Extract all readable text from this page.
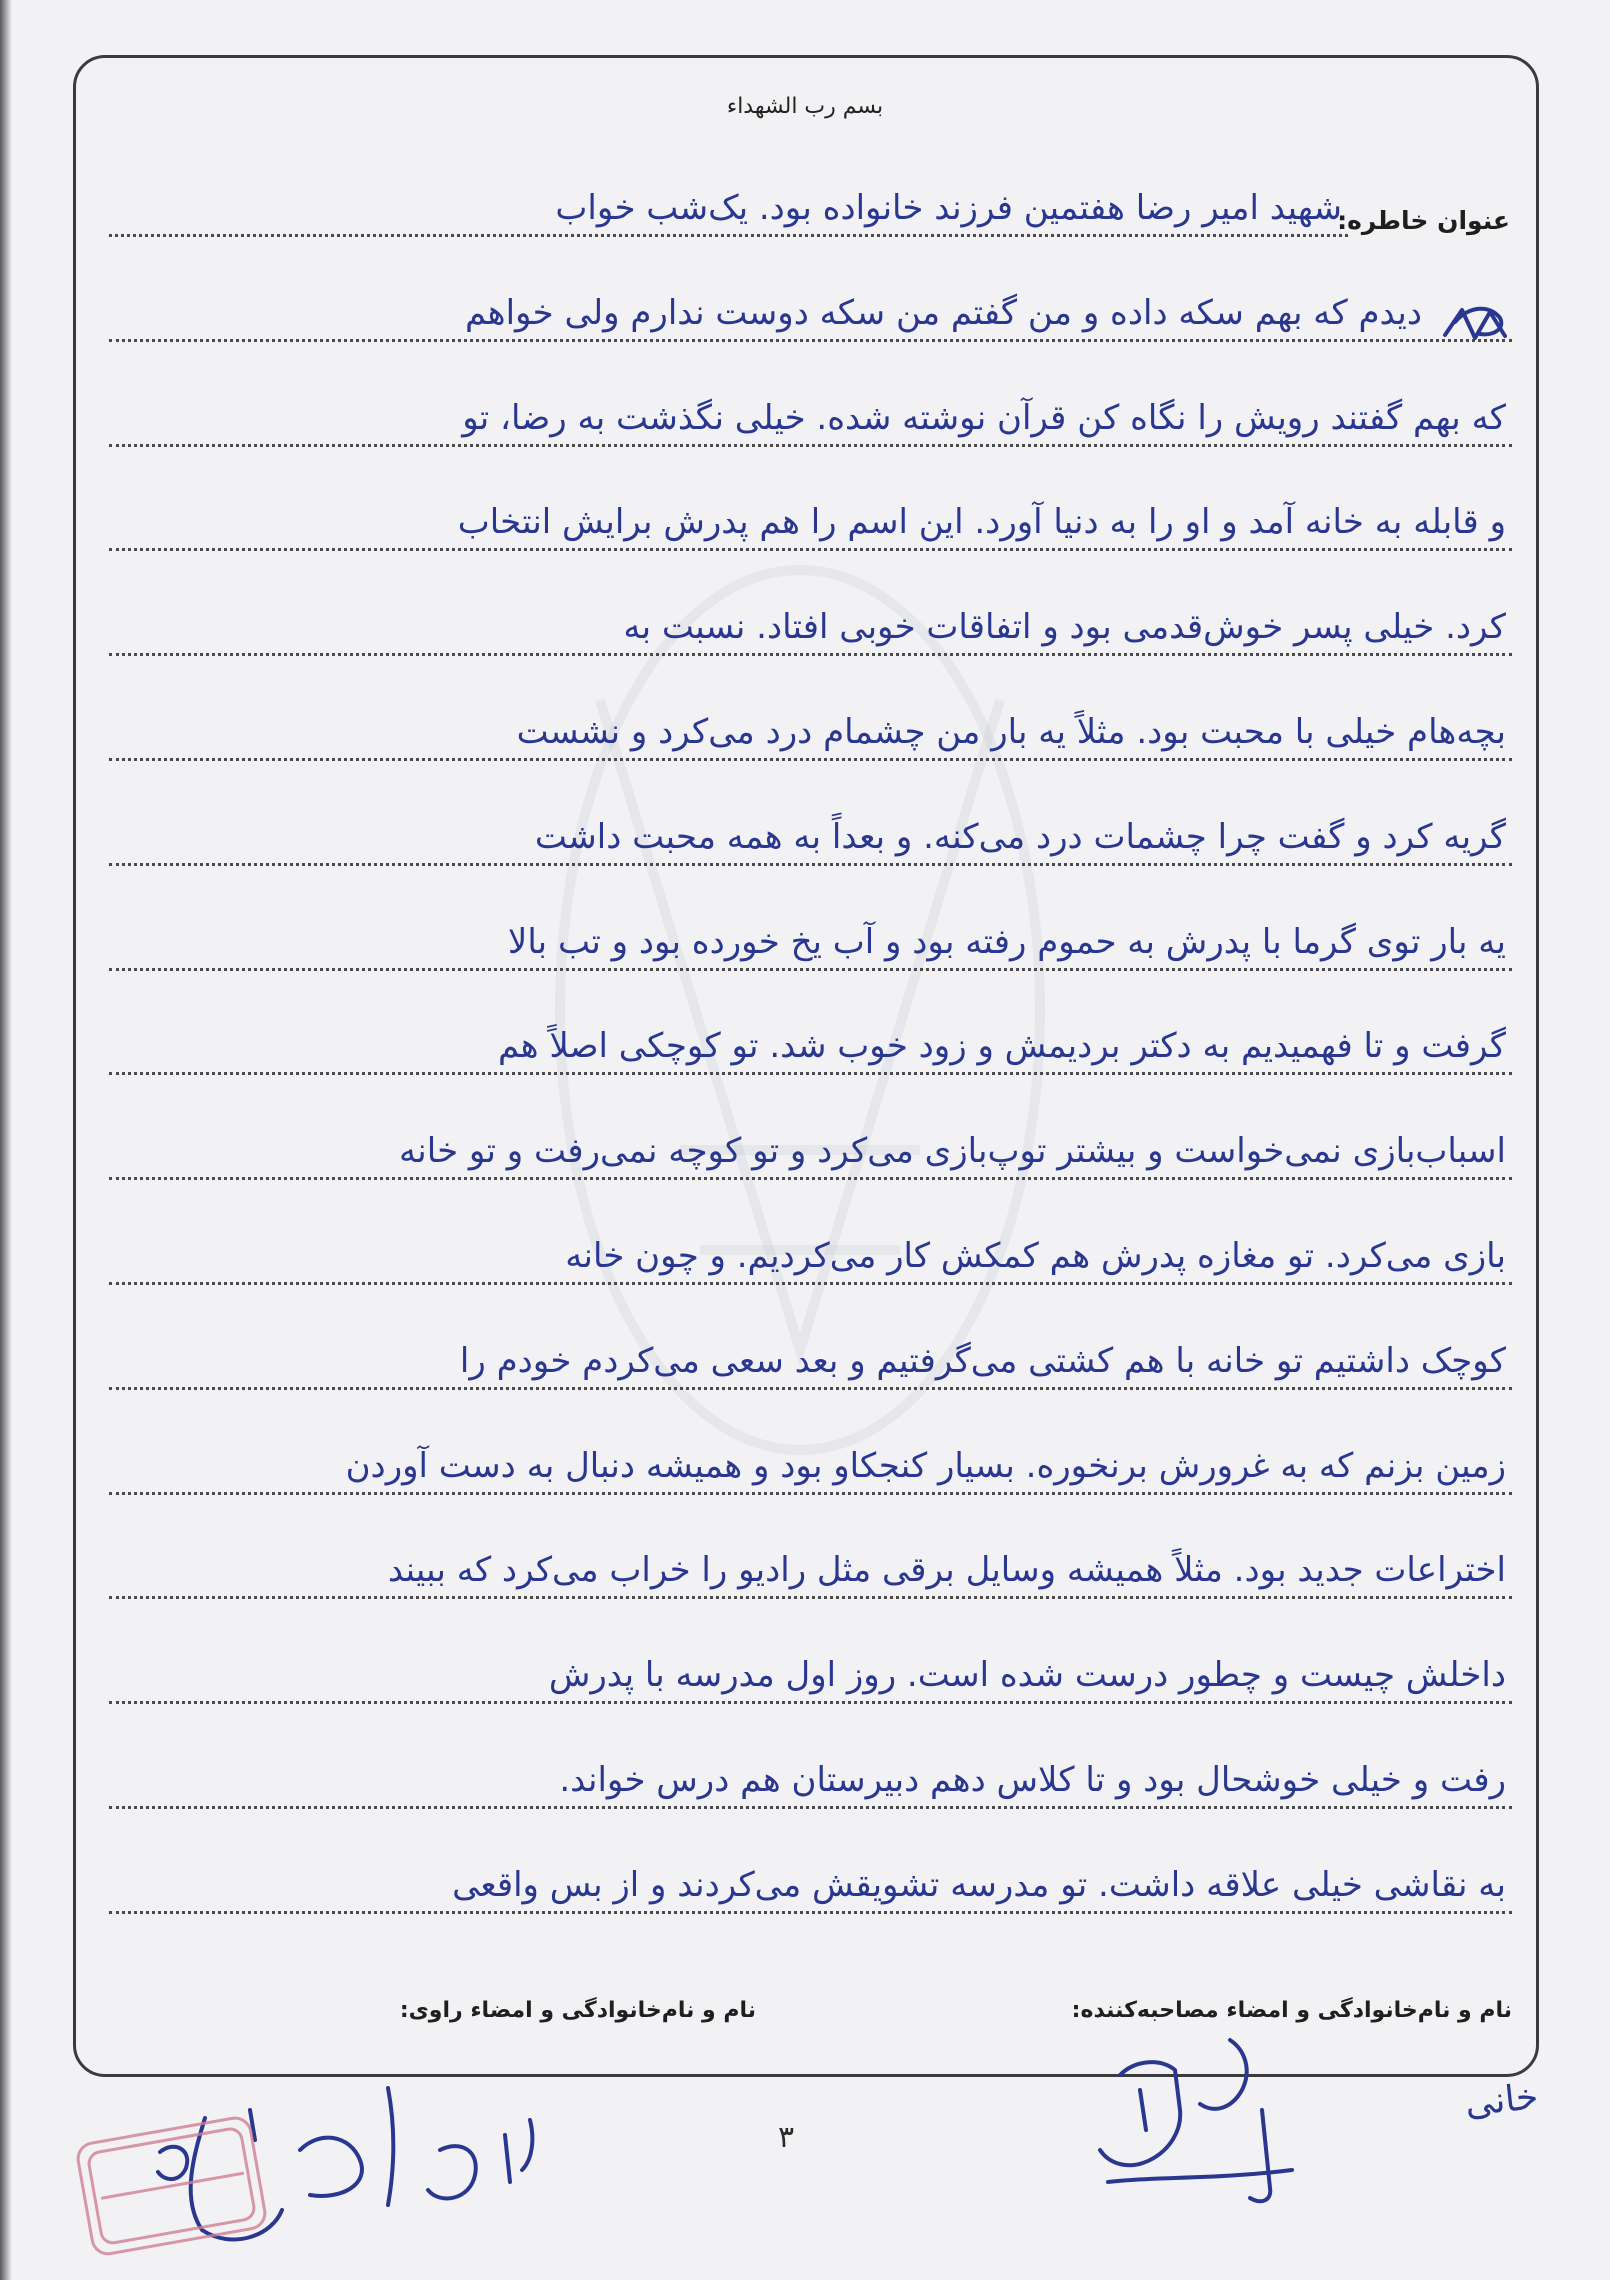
بسم رب الشهداء
عنوان خاطره:
شهید امیر رضا هفتمین فرزند خانواده بود. یک‌شب خواب
دیدم که بهم سکه داده و من گفتم من سکه دوست ندارم ولی خواهم
که بهم گفتند رویش را نگاه کن قرآن نوشته شده. خیلی نگذشت به رضا، تو
و قابله به خانه آمد و او را به دنیا آورد. این اسم را هم پدرش برایش انتخاب
کرد. خیلی پسر خوش‌قدمی بود و اتفاقات خوبی افتاد. نسبت به
بچه‌هام خیلی با محبت بود. مثلاً یه بار من چشمام درد می‌کرد و نشست
گریه کرد و گفت چرا چشمات درد می‌کنه. و بعداً به همه محبت داشت
یه بار توی گرما با پدرش به حموم رفته بود و آب یخ خورده بود و تب بالا
گرفت و تا فهمیدیم به دکتر بردیمش و زود خوب شد. تو کوچکی اصلاً هم
اسباب‌بازی نمی‌خواست و بیشتر توپ‌بازی می‌کرد و تو کوچه نمی‌رفت و تو خانه
بازی می‌کرد. تو مغازه پدرش هم کمکش کار می‌کردیم. و چون خانه
کوچک داشتیم تو خانه با هم کشتی می‌گرفتیم و بعد سعی می‌کردم خودم را
زمین بزنم که به غرورش برنخوره. بسیار کنجکاو بود و همیشه دنبال به دست آوردن
اختراعات جدید بود. مثلاً همیشه وسایل برقی مثل رادیو را خراب می‌کرد که ببیند
داخلش چیست و چطور درست شده است. روز اول مدرسه با پدرش
رفت و خیلی خوشحال بود و تا کلاس دهم دبیرستان هم درس خواند.
به نقاشی خیلی علاقه داشت. تو مدرسه تشویقش می‌کردند و از بس واقعی
نام و نام‌خانوادگی و امضاء مصاحبه‌کننده:
نام و نام‌خانوادگی و امضاء راوی:
۳
خانی
